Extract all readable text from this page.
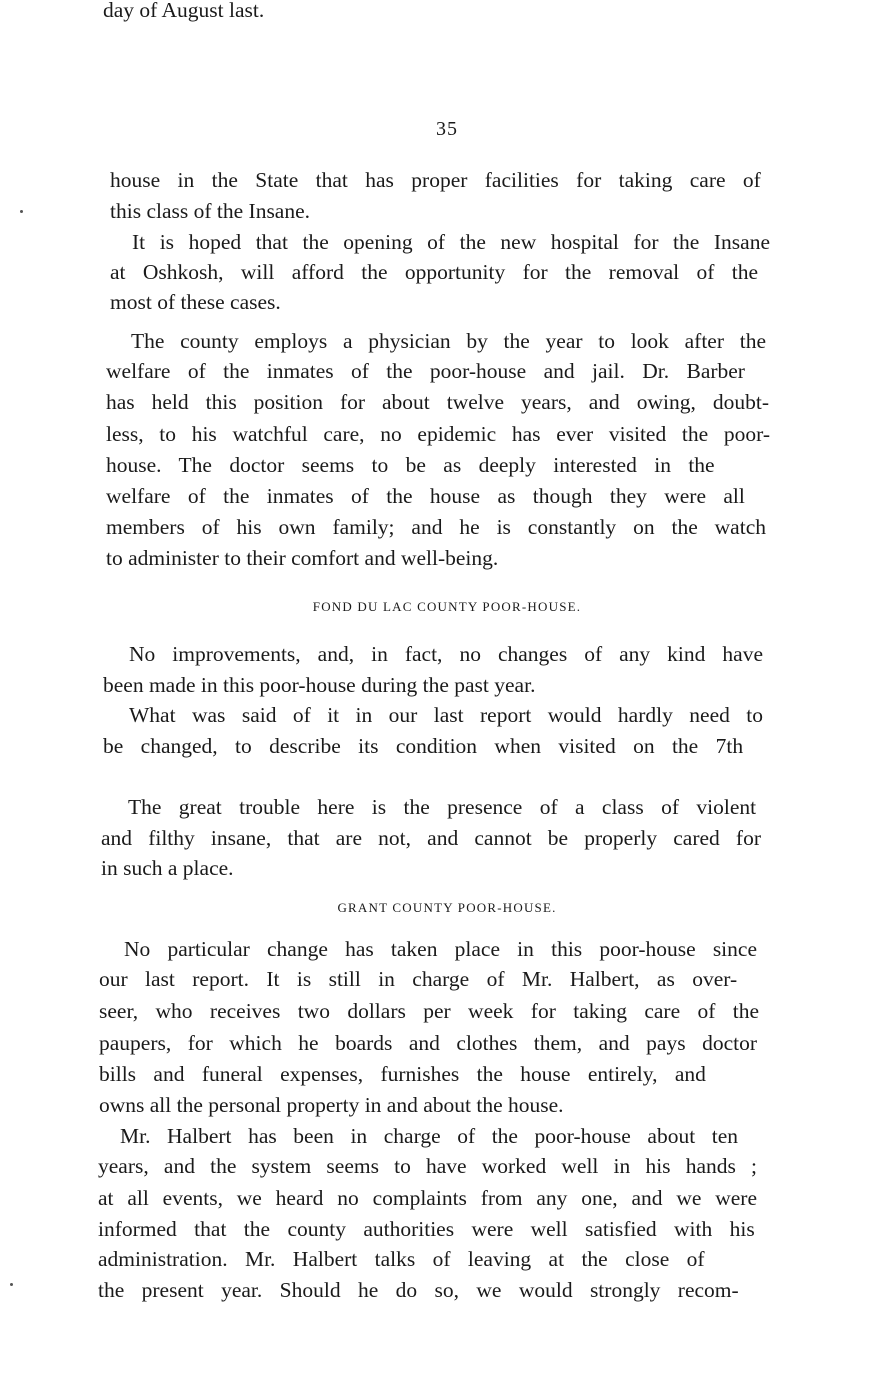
35
house in the State that has proper facilities for taking care of
this class of the Insane.
It is hoped that the opening of the new hospital for the Insane
at Oshkosh, will afford the opportunity for the removal of the
most of these cases.
The county employs a physician by the year to look after the
welfare of the inmates of the poor-house and jail. Dr. Barber
has held this position for about twelve years, and owing, doubt-
less, to his watchful care, no epidemic has ever visited the poor-
house. The doctor seems to be as deeply interested in the
welfare of the inmates of the house as though they were all
members of his own family; and he is constantly on the watch
to administer to their comfort and well-being.
FOND DU LAC COUNTY POOR-HOUSE.
No improvements, and, in fact, no changes of any kind have
been made in this poor-house during the past year.
What was said of it in our last report would hardly need to
be changed, to describe its condition when visited on the 7th
day of August last.
The great trouble here is the presence of a class of violent
and filthy insane, that are not, and cannot be properly cared for
in such a place.
GRANT COUNTY POOR-HOUSE.
No particular change has taken place in this poor-house since
our last report. It is still in charge of Mr. Halbert, as over-
seer, who receives two dollars per week for taking care of the
paupers, for which he boards and clothes them, and pays doctor
bills and funeral expenses, furnishes the house entirely, and
owns all the personal property in and about the house.
Mr. Halbert has been in charge of the poor-house about ten
years, and the system seems to have worked well in his hands ;
at all events, we heard no complaints from any one, and we were
informed that the county authorities were well satisfied with his
administration. Mr. Halbert talks of leaving at the close of
the present year. Should he do so, we would strongly recom-
